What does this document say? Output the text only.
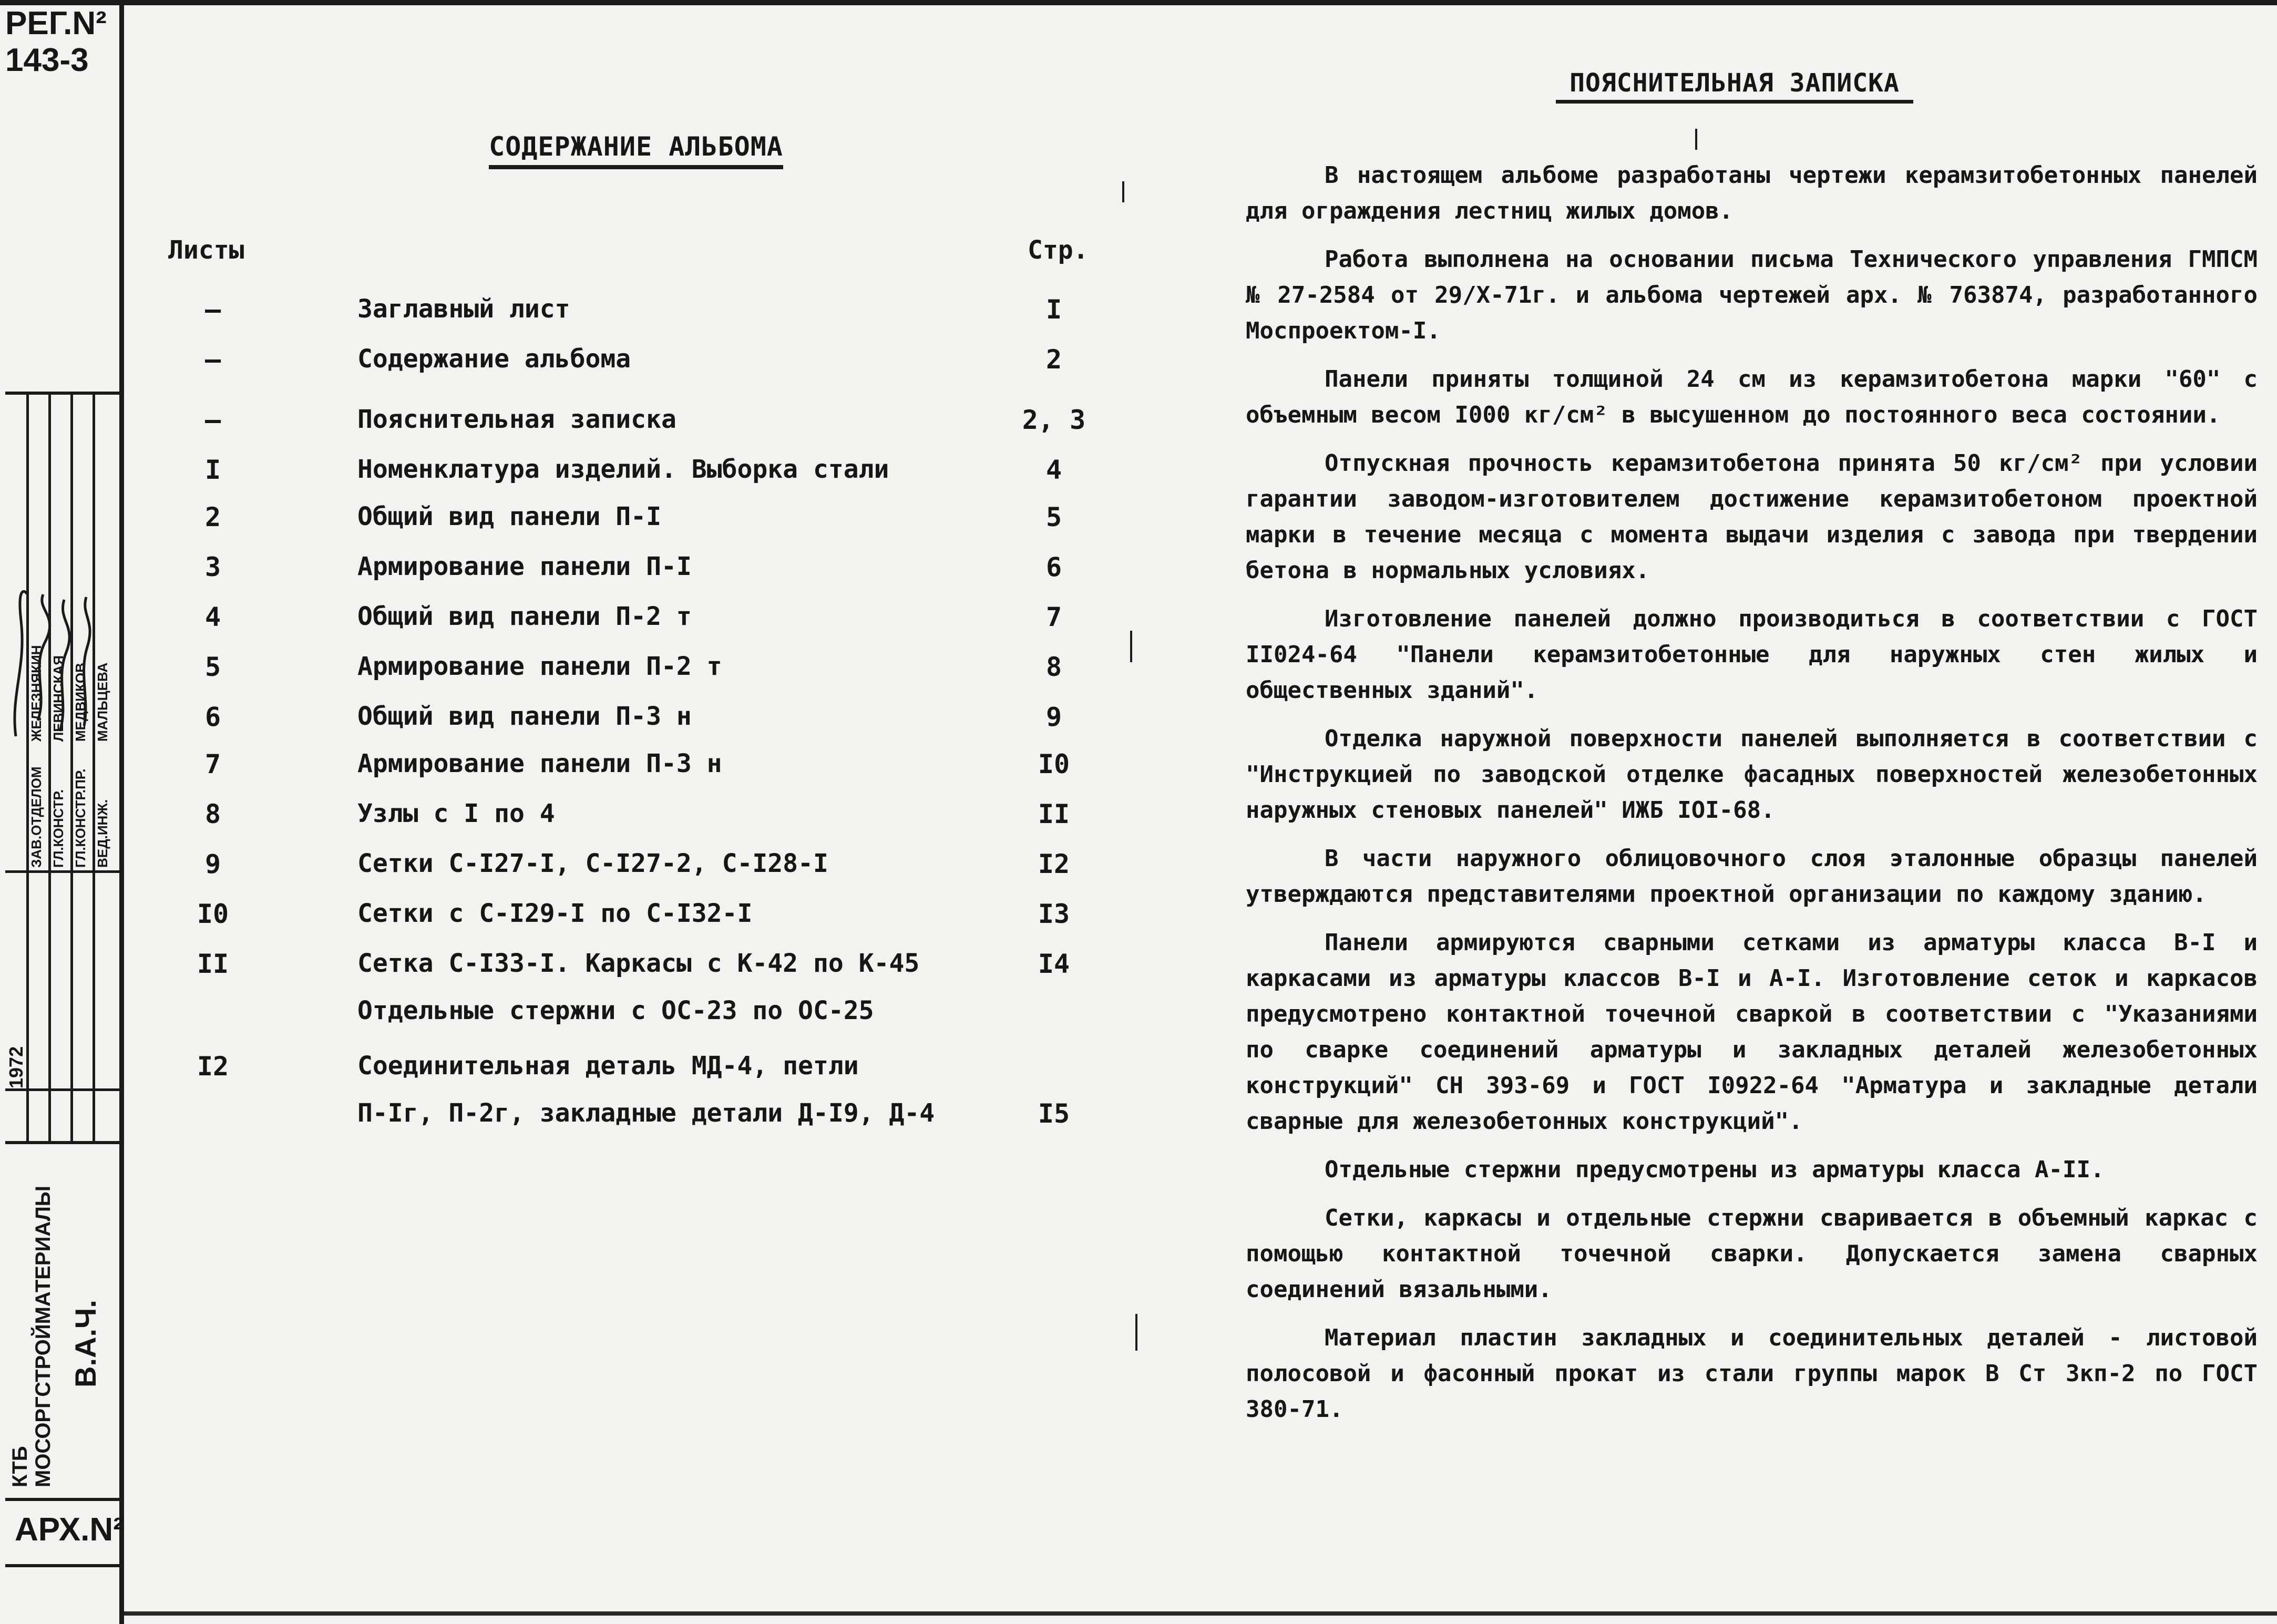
РЕГ.N²
143-3
1972
ЗАВ.ОТДЕЛОМ
ЖЕЛЕЗНЯКИН
ГЛ.КОНСТР.
ЛЕВИНСКАЯ
ГЛ.КОНСТР.ПР.
МЕДВИКОВ
ВЕД.ИНЖ.
МАЛЬЦЕВА
КТБ
МОСОРГСТРОЙМАТЕРИАЛЫ В.А.Ч.
АРХ.N²
СОДЕРЖАНИЕ АЛЬБОМА
Листы	Стр.
–	Заглавный лист	I
–	Содержание альбома	2
–	Пояснительная записка	2, 3
I	Номенклатура изделий. Выборка стали	4
2	Общий вид панели П-I	5
3	Армирование панели П-I	6
4	Общий вид панели П-2 т	7
5	Армирование панели П-2 т	8
6	Общий вид панели П-3 н	9
7	Армирование панели П-3 н	I0
8	Узлы с I по 4	II
9	Сетки С-I27-I, С-I27-2, С-I28-I	I2
I0	Сетки с С-I29-I по С-I32-I	I3
II	Сетка С-I33-I. Каркасы с К-42 по К-45	I4
Отдельные стержни с ОС-23 по ОС-25
I2	Соединительная деталь МД-4, петли
П-Iг, П-2г, закладные детали Д-I9, Д-4	I5
ПОЯСНИТЕЛЬНАЯ ЗАПИСКА

В настоящем альбоме разработаны чертежи керамзитобетонных панелей для ограждения лестниц жилых домов.

Работа выполнена на основании письма Технического управления ГМПСМ № 27-2584 от 29/X-71г. и альбома чертежей арх. № 763874, разработанного Моспроектом-I.

Панели приняты толщиной 24 см из керамзитобетона марки "60" с объемным весом I000 кг/см² в высушенном до постоянного веса состоянии.

Отпускная прочность керамзитобетона принята 50 кг/см² при условии гарантии заводом-изготовителем достижение керамзитобетоном проектной марки в течение месяца с момента выдачи изделия с завода при твердении бетона в нормальных условиях.

Изготовление панелей должно производиться в соответствии с ГОСТ II024-64 "Панели керамзитобетонные для наружных стен жилых и общественных зданий".

Отделка наружной поверхности панелей выполняется в соответствии с "Инструкцией по заводской отделке фасадных поверхностей железобетонных наружных стеновых панелей" ИЖБ IOI-68.

В части наружного облицовочного слоя эталонные образцы панелей утверждаются представителями проектной организации по каждому зданию.

Панели армируются сварными сетками из арматуры класса В-I и каркасами из арматуры классов В-I и А-I. Изготовление сеток и каркасов предусмотрено контактной точечной сваркой в соответствии с "Указаниями по сварке соединений арматуры и закладных деталей железобетонных конструкций" СН 393-69 и ГОСТ I0922-64 "Арматура и закладные детали сварные для железобетонных конструкций".

Отдельные стержни предусмотрены из арматуры класса А-II.

Сетки, каркасы и отдельные стержни сваривается в объемный каркас с помощью контактной точечной сварки. Допускается замена сварных соединений вязальными.

Материал пластин закладных и соединительных деталей - листовой полосовой и фасонный прокат из стали группы марок В Ст 3кп-2 по ГОСТ 380-71.
